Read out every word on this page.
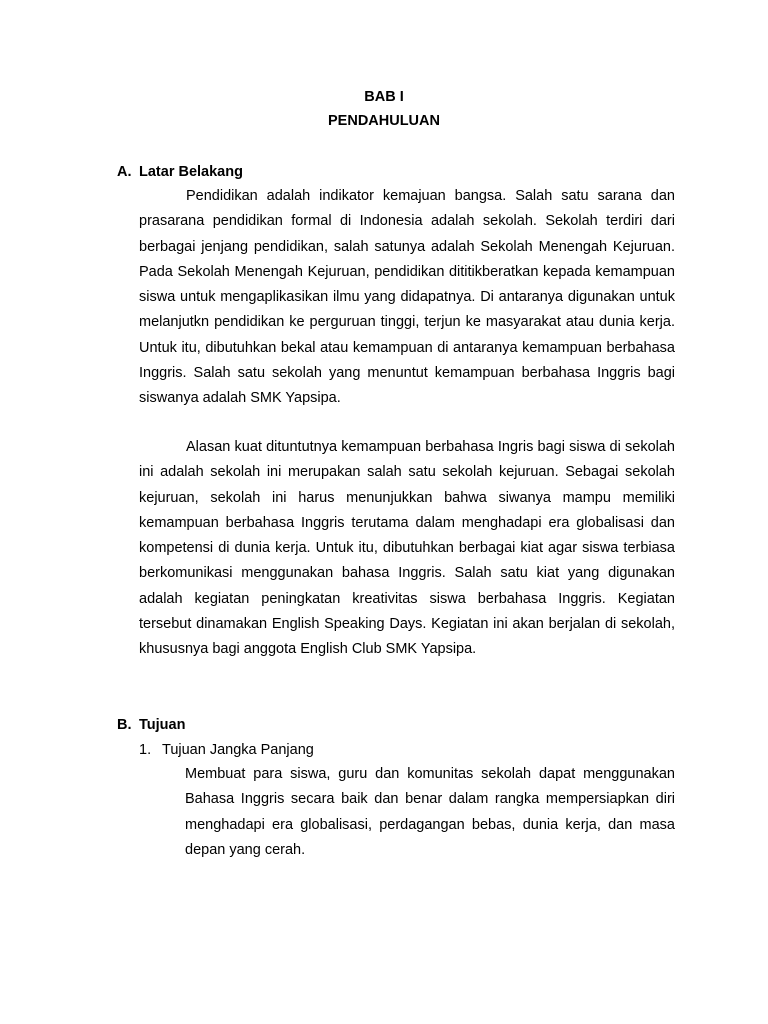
BAB I
PENDAHULUAN
A. Latar Belakang

Pendidikan adalah indikator kemajuan bangsa. Salah satu sarana dan prasarana pendidikan formal di Indonesia adalah sekolah. Sekolah terdiri dari berbagai jenjang pendidikan, salah satunya adalah Sekolah Menengah Kejuruan. Pada Sekolah Menengah Kejuruan, pendidikan dititikberatkan kepada kemampuan siswa untuk mengaplikasikan ilmu yang didapatnya. Di antaranya digunakan untuk melanjutkn pendidikan ke perguruan tinggi, terjun ke masyarakat atau dunia kerja. Untuk itu, dibutuhkan bekal atau kemampuan di antaranya kemampuan berbahasa Inggris. Salah satu sekolah yang menuntut kemampuan berbahasa Inggris bagi siswanya adalah SMK Yapsipa.

Alasan kuat dituntutnya kemampuan berbahasa Ingris bagi siswa di sekolah ini adalah sekolah ini merupakan salah satu sekolah kejuruan. Sebagai sekolah kejuruan, sekolah ini harus menunjukkan bahwa siwanya mampu memiliki kemampuan berbahasa Inggris terutama dalam menghadapi era globalisasi dan kompetensi di dunia kerja. Untuk itu, dibutuhkan berbagai kiat agar siswa terbiasa berkomunikasi menggunakan bahasa Inggris. Salah satu kiat yang digunakan adalah kegiatan peningkatan kreativitas siswa berbahasa Inggris. Kegiatan tersebut dinamakan English Speaking Days. Kegiatan ini akan berjalan di sekolah, khususnya bagi anggota English Club SMK Yapsipa.

B. Tujuan
1. Tujuan Jangka Panjang

Membuat para siswa, guru dan komunitas sekolah dapat menggunakan Bahasa Inggris secara baik dan benar dalam rangka mempersiapkan diri menghadapi era globalisasi, perdagangan bebas, dunia kerja, dan masa depan yang cerah.
